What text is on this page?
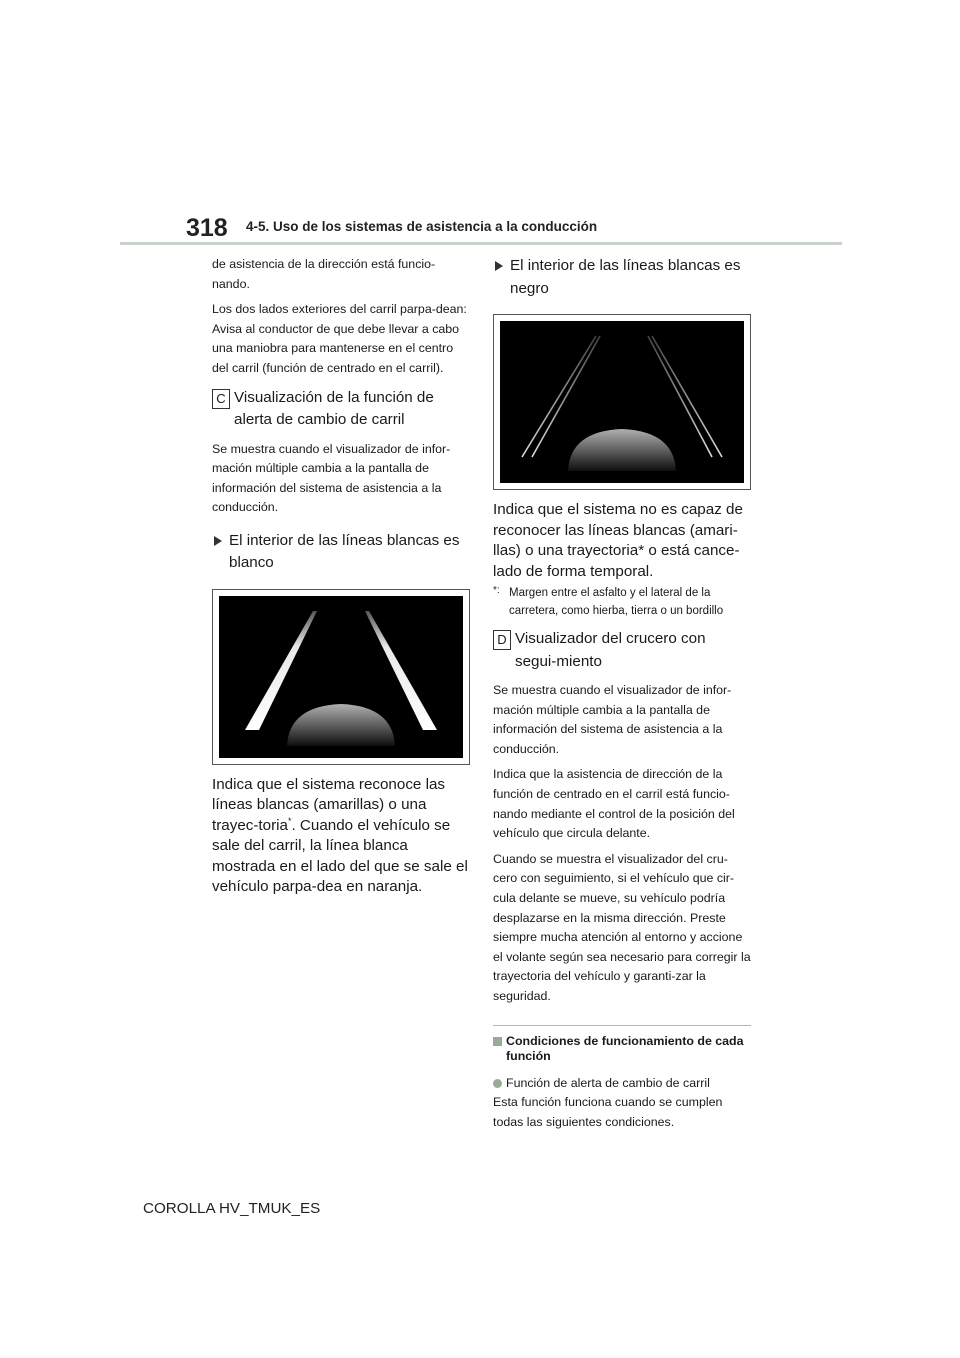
318 4-5. Uso de los sistemas de asistencia a la conducción

de asistencia de la dirección está funcio-nando.

Los dos lados exteriores del carril parpa-dean: Avisa al conductor de que debe llevar a cabo una maniobra para mantenerse en el centro del carril (función de centrado en el carril).

C Visualización de la función de alerta de cambio de carril

Se muestra cuando el visualizador de infor-mación múltiple cambia a la pantalla de información del sistema de asistencia a la conducción.

El interior de las líneas blancas es blanco

Indica que el sistema reconoce las líneas blancas (amarillas) o una trayec-toria*. Cuando el vehículo se sale del carril, la línea blanca mostrada en el lado del que se sale el vehículo parpa-dea en naranja.

El interior de las líneas blancas es negro

Indica que el sistema no es capaz de reconocer las líneas blancas (amari-llas) o una trayectoria* o está cance-lado de forma temporal.

*: Margen entre el asfalto y el lateral de la carretera, como hierba, tierra o un bordillo
D Visualizador del crucero con segui-miento

Se muestra cuando el visualizador de infor-mación múltiple cambia a la pantalla de información del sistema de asistencia a la conducción.

Indica que la asistencia de dirección de la función de centrado en el carril está funcio-nando mediante el control de la posición del vehículo que circula delante.

Cuando se muestra el visualizador del cru-cero con seguimiento, si el vehículo que cir-cula delante se mueve, su vehículo podría desplazarse en la misma dirección. Preste siempre mucha atención al entorno y accione el volante según sea necesario para corregir la trayectoria del vehículo y garanti-zar la seguridad.

Condiciones de funcionamiento de cada función
Función de alerta de cambio de carril

Esta función funciona cuando se cumplen todas las siguientes condiciones.

COROLLA HV_TMUK_ES
